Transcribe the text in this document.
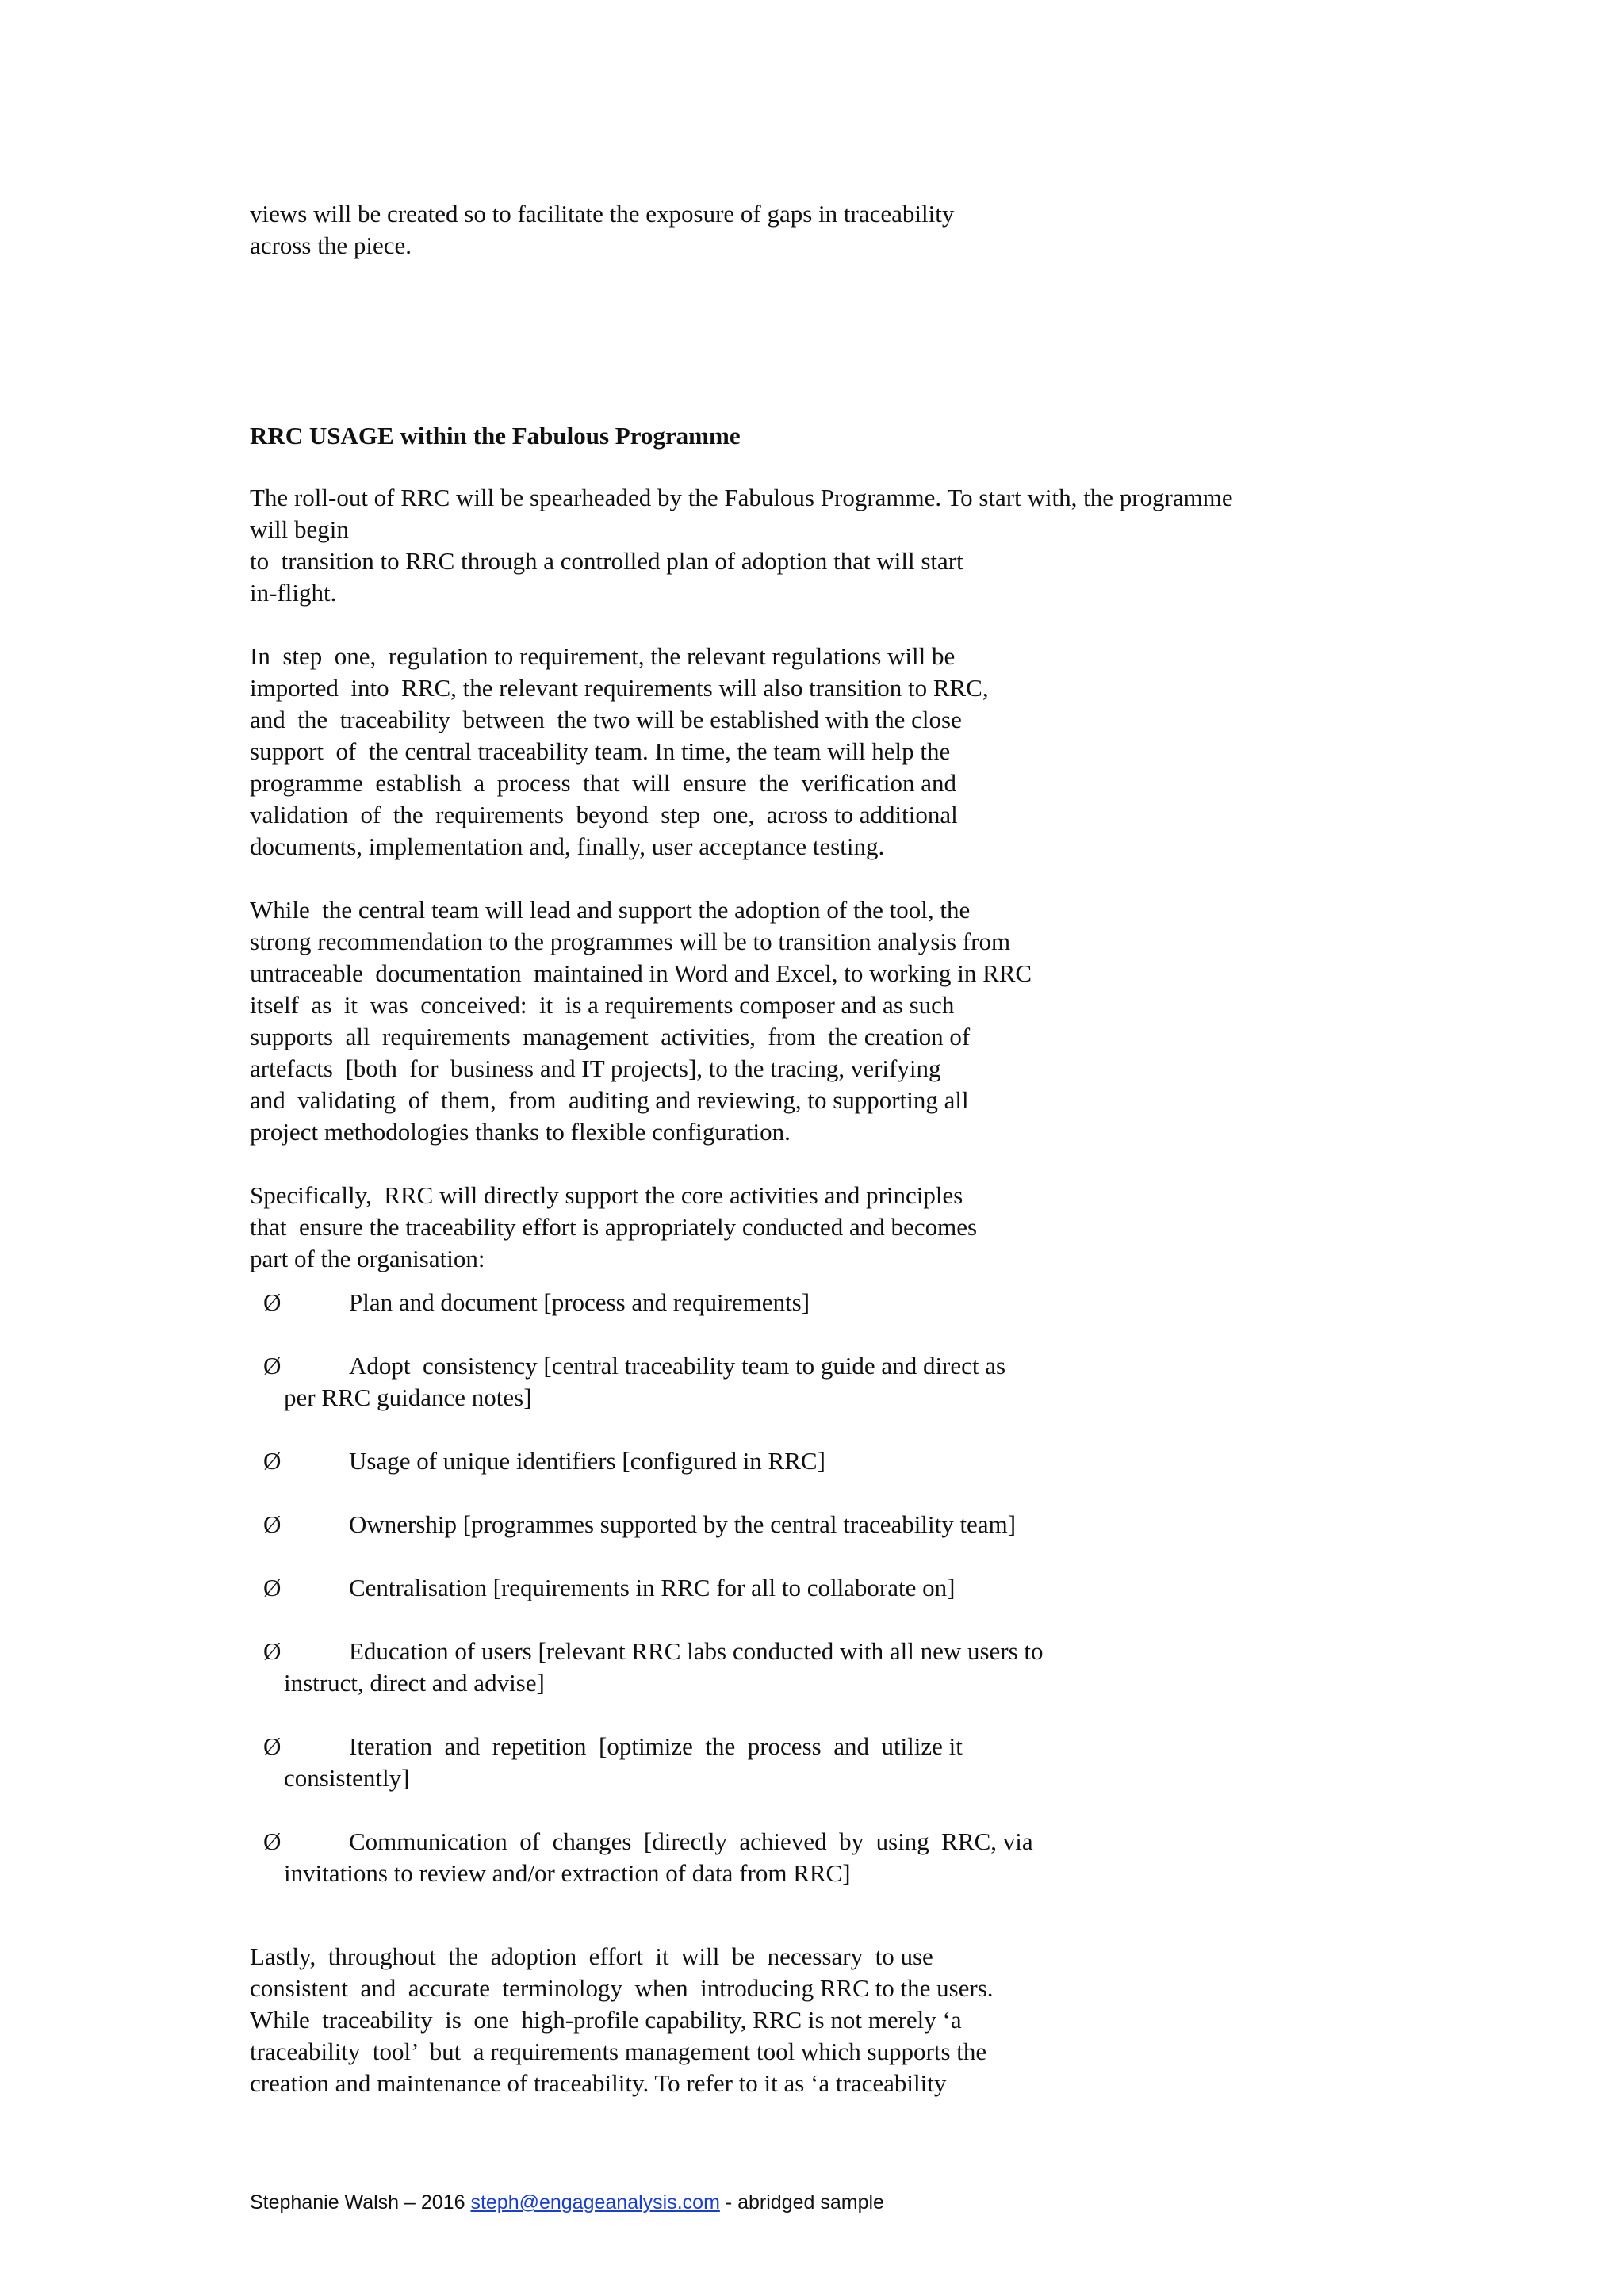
views will be created so to facilitate the exposure of gaps in traceability
across the piece.
RRC USAGE within the Fabulous Programme
The roll-out of RRC will be spearheaded by the Fabulous Programme. To start with, the programme
will begin
to  transition to RRC through a controlled plan of adoption that will start
in-flight.
In  step  one,  regulation to requirement, the relevant regulations will be
imported  into  RRC, the relevant requirements will also transition to RRC,
and  the  traceability  between  the two will be established with the close
support  of  the central traceability team. In time, the team will help the
programme  establish  a  process  that  will  ensure  the  verification and
validation  of  the  requirements  beyond  step  one,  across to additional
documents, implementation and, finally, user acceptance testing.
While  the central team will lead and support the adoption of the tool, the
strong recommendation to the programmes will be to transition analysis from
untraceable  documentation  maintained in Word and Excel, to working in RRC
itself  as  it  was  conceived:  it  is a requirements composer and as such
supports  all  requirements  management  activities,  from  the creation of
artefacts  [both  for  business and IT projects], to the tracing, verifying
and  validating  of  them,  from  auditing and reviewing, to supporting all
project methodologies thanks to flexible configuration.
Specifically,  RRC will directly support the core activities and principles
that  ensure the traceability effort is appropriately conducted and becomes
part of the organisation:
Ø	Plan and document [process and requirements]
Ø	Adopt  consistency [central traceability team to guide and direct as
per RRC guidance notes]
Ø	Usage of unique identifiers [configured in RRC]
Ø	Ownership [programmes supported by the central traceability team]
Ø	Centralisation [requirements in RRC for all to collaborate on]
Ø	Education of users [relevant RRC labs conducted with all new users to
instruct, direct and advise]
Ø	Iteration  and  repetition  [optimize  the  process  and  utilize it
consistently]
Ø	Communication  of  changes  [directly  achieved  by  using  RRC, via
invitations to review and/or extraction of data from RRC]
Lastly,  throughout  the  adoption  effort  it  will  be  necessary  to use
consistent  and  accurate  terminology  when  introducing RRC to the users.
While  traceability  is  one  high-profile capability, RRC is not merely ‘a
traceability  tool’  but  a requirements management tool which supports the
creation and maintenance of traceability. To refer to it as ‘a traceability
Stephanie Walsh – 2016 steph@engageanalysis.com - abridged sample
